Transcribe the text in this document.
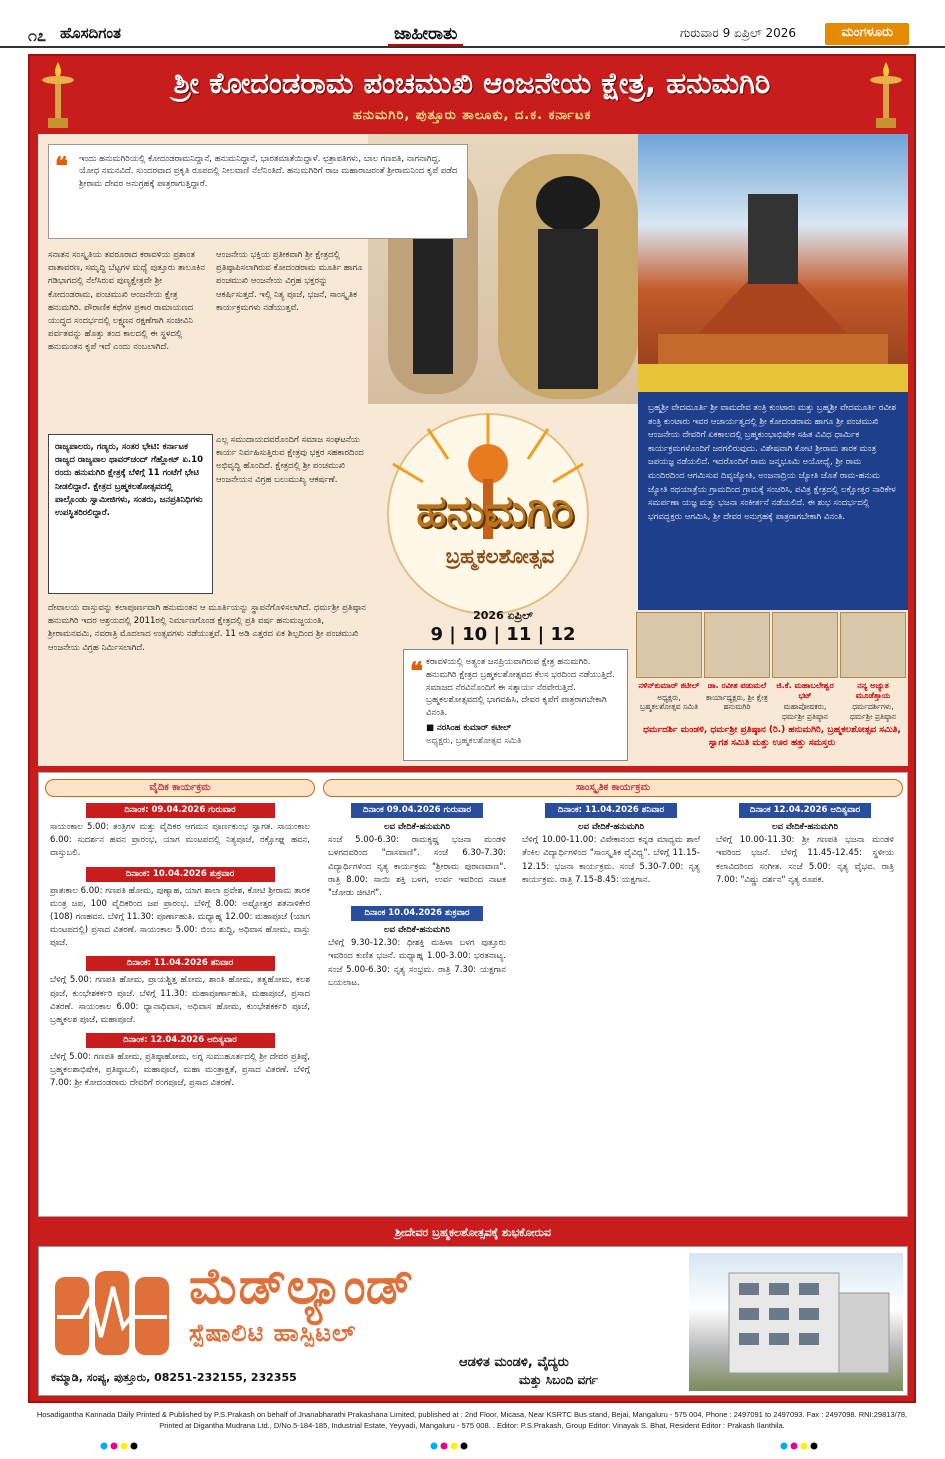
೧೭ ಹೊಸದಿಗಂತ	ಜಾಹೀರಾತು	ಗುರುವಾರ 9 ಏಪ್ರಿಲ್ 2026	ಮಂಗಳೂರು
ಶ್ರೀ ಕೋದಂಡರಾಮ ಪಂಚಮುಖಿ ಆಂಜನೇಯ ಕ್ಷೇತ್ರ, ಹನುಮಗಿರಿ
ಹನುಮಗಿರಿ, ಪುತ್ತೂರು ತಾಲೂಕು, ದ.ಕ. ಕರ್ನಾಟಕ
❝ ಇಂದು ಹನುಮಗಿರಿಯಲ್ಲಿ ಕೋದಂಡರಾಮನಿದ್ದಾನೆ, ಹನುಮನಿದ್ದಾನೆ, ಭಾರತಮಾತೆಯಿದ್ದಾಳೆ. ಛತ್ರಾಪತಿಗಳು, ಬಾಲ ಗಣಪತಿ, ನಾಗನಾಗಿದ್ದ, ಯೋಧ ನಮನವಿದೆ. ಸುಂದರವಾದ ಪ್ರಕೃತಿ ರೂಪದಲ್ಲಿ ನೀಲವಾಣಿ ನೆಲೆನಿಂತಿದೆ. ಹನುಮಗಿರಿಗೆ ರಾಜ ಮಹಾರಾಜರಂತೆ ಶ್ರೀರಾಮನಿಂದ ಕೃಪೆ ಪಡೆದ ಶ್ರೀರಾಮ ದೇವರ ಅನುಗ್ರಹಕ್ಕೆ ಪಾತ್ರರಾಗುತ್ತಿದ್ದಾರೆ.

ಸನಾತನ ಸಂಸ್ಕೃತಿಯ ತವರೂರಾದ ಕರಾವಳಿಯ ಪ್ರಶಾಂತ ವಾತಾವರಣ, ಸಮೃದ್ಧಿ ಬೆಟ್ಟಗಳ ಮಧ್ಯೆ ಪುತ್ತೂರು ತಾಲೂಕಿನ ಗಡಿಭಾಗದಲ್ಲಿ ನೆಲೆಸಿರುವ ಪುಣ್ಯಕ್ಷೇತ್ರವೇ ಶ್ರೀ ಕೋದಂಡರಾಮ, ಪಂಚಮುಖಿ ಆಂಜನೇಯ ಕ್ಷೇತ್ರ ಹನುಮಗಿರಿ. ಪೌರಾಣಿಕ ಕಥೆಗಳ ಪ್ರಕಾರ ರಾಮಾಯಣದ ಯುದ್ಧದ ಸಂದರ್ಭದಲ್ಲಿ ಲಕ್ಷ್ಮಣನ ರಕ್ಷಣೆಗಾಗಿ ಸಂಜೀವಿನಿ ಪರ್ವತವನ್ನು ಹೊತ್ತು ತಂದ ಕಾಲದಲ್ಲಿ ಈ ಸ್ಥಳದಲ್ಲಿ ಹನುಮಂತನ ಕೃಪೆ ಇದೆ ಎಂದು ನಂಬಲಾಗಿದೆ.

ಆಂಜನೇಯ ಭಕ್ತಿಯ ಪ್ರತೀಕವಾಗಿ ಶ್ರೀ ಕ್ಷೇತ್ರದಲ್ಲಿ ಪ್ರತಿಷ್ಠಾಪಿಸಲಾಗಿರುವ ಕೋದಂಡರಾಮ ಮೂರ್ತಿ ಹಾಗೂ ಪಂಚಮುಖಿ ಆಂಜನೇಯ ವಿಗ್ರಹ ಭಕ್ತರನ್ನು ಆಕರ್ಷಿಸುತ್ತದೆ. ಇಲ್ಲಿ ನಿತ್ಯ ಪೂಜೆ, ಭಜನೆ, ಸಾಂಸ್ಕೃತಿಕ ಕಾರ್ಯಕ್ರಮಗಳು ನಡೆಯುತ್ತವೆ.

ರಾಜ್ಯಪಾಲರು, ಗಣ್ಯರು, ಸಂತರ ಭೇಟಿ: ಕರ್ನಾಟಕ ರಾಜ್ಯದ ರಾಜ್ಯಪಾಲ ಥಾವರ್‌ಚಂದ್ ಗೆಹ್ಲೋಟ್ ಏ.10 ರಂದು ಹನುಮಗಿರಿ ಕ್ಷೇತ್ರಕ್ಕೆ ಬೆಳಿಗ್ಗೆ 11 ಗಂಟೆಗೆ ಭೇಟಿ ನೀಡಲಿದ್ದಾರೆ. ಕ್ಷೇತ್ರದ ಬ್ರಹ್ಮಕಲಶೋತ್ಸವದಲ್ಲಿ ಪಾಲ್ಗೊಂಡು ಸ್ವಾಮೀಜಿಗಳು, ಸಂತರು, ಜನಪ್ರತಿನಿಧಿಗಳು ಉಪಸ್ಥಿತರಿರಲಿದ್ದಾರೆ.

ಎಲ್ಲ ಸಮುದಾಯದವರೊಂದಿಗೆ ಸಮಾಜ ಸಂಘಟನೆಯ ಕಾರ್ಯ ನಿರ್ವಹಿಸುತ್ತಿರುವ ಕ್ಷೇತ್ರವು ಭಕ್ತರ ಸಹಕಾರದಿಂದ ಅಭಿವೃದ್ಧಿ ಹೊಂದಿದೆ. ಕ್ಷೇತ್ರದಲ್ಲಿ ಶ್ರೀ ಪಂಚಮುಖಿ ಆಂಜನೇಯನ ವಿಗ್ರಹ ಬಲುಮುಖ್ಯ ಆಕರ್ಷಣೆ.

ದೇವಾಲಯ ವಾಸ್ತುವನ್ನು ಕಲಾಪೂರ್ಣವಾಗಿ ಹನುಮಂತನ ಆ ಮೂರ್ತಿಯನ್ನು ಸ್ಥಾಪನೆಗೊಳಿಸಲಾಗಿದೆ. ಧರ್ಮಶ್ರೀ ಪ್ರತಿಷ್ಠಾನ ಹನುಮಗಿರಿ ಇದರ ಆಶ್ರಯದಲ್ಲಿ 2011ರಲ್ಲಿ ನಿರ್ಮಾಣಗೊಂಡ ಕ್ಷೇತ್ರದಲ್ಲಿ ಪ್ರತಿ ವರ್ಷ ಹನುಮಜ್ಜಯಂತಿ, ಶ್ರೀರಾಮನವಮಿ, ನವರಾತ್ರಿ ಮೊದಲಾದ ಉತ್ಸವಗಳು ನಡೆಯುತ್ತವೆ. 11 ಅಡಿ ಎತ್ತರದ ಏಕ ಶಿಲ್ಪದಿಂದ ಶ್ರೀ ಪಂಚಮುಖಿ ಆಂಜನೇಯ ವಿಗ್ರಹ ನಿರ್ಮಿಸಲಾಗಿದೆ.

ಬ್ರಹ್ಮಶ್ರೀ ವೇದಮೂರ್ತಿ ಶ್ರೀ ವಾಮದೇವ ತಂತ್ರಿ ಕುಂಟಾರು ಮತ್ತು ಬ್ರಹ್ಮಶ್ರೀ ವೇದಮೂರ್ತಿ ರವೀಶ ತಂತ್ರಿ ಕುಂಟಾರು ಇವರ ಆಚಾರ್ಯತ್ವದಲ್ಲಿ ಶ್ರೀ ಕೋದಂಡರಾಮ ಹಾಗೂ ಶ್ರೀ ಪಂಚಮುಖಿ ಆಂಜನೇಯ ದೇವರಿಗೆ ಏಕಕಾಲದಲ್ಲಿ ಬ್ರಹ್ಮಕುಂಭಾಭಿಷೇಕ ಸಹಿತ ವಿವಿಧ ಧಾರ್ಮಿಕ ಕಾರ್ಯಕ್ರಮಗಳೊಂದಿಗೆ ಜರಗಲಿರುವುದು. ವಿಶೇಷವಾಗಿ ಕೋಟಿ ಶ್ರೀರಾಮ ತಾರಕ ಮಂತ್ರ ಜಪಯಜ್ಞ ನಡೆಯಲಿದೆ. ಇದರೊಂದಿಗೆ ರಾಮ ಜನ್ಮಭೂಮಿ ಅಯೋಧ್ಯೆ, ಶ್ರೀ ರಾಮ ಮಂದಿರದಿಂದ ಆಗಮಿಸುವ ದಿವ್ಯಜ್ಯೋತಿ, ಅಂಜನಾದ್ರಿಯ ಜ್ಯೋತಿ ಜೊತೆ ರಾಮ-ಹನುಮ ಜ್ಯೋತಿ ರಥಯಾತ್ರೆಯ ಗ್ರಾಮದಿಂದ ಗ್ರಾಮಕ್ಕೆ ಸಂಚರಿಸಿ, ಪವಿತ್ರ ಕ್ಷೇತ್ರದಲ್ಲಿ ಲಕ್ಷೋತ್ತರ ನಾರಿಕೇಳ ಸಮರ್ಪಣಾ ಯಜ್ಞ ಮತ್ತು ಭಜನಾ ಸಂಕೀರ್ತನೆ ನಡೆಯಲಿದೆ. ಈ ಶುಭ ಸಂದರ್ಭದಲ್ಲಿ ಭಗವದ್ಭಕ್ತರು ಆಗಮಿಸಿ, ಶ್ರೀ ದೇವರ ಅನುಗ್ರಹಕ್ಕೆ ಪಾತ್ರರಾಗಬೇಕಾಗಿ ವಿನಂತಿ.

ಹನುಮಗಿರಿ
ಬ್ರಹ್ಮಕಲಶೋತ್ಸವ
2026 ಏಪ್ರಿಲ್
9 | 10 | 11 | 12
❝ ಕರಾವಳಿಯಲ್ಲಿ ಅತ್ಯಂತ ಜನಪ್ರಿಯವಾಗಿರುವ ಕ್ಷೇತ್ರ ಹನುಮಗಿರಿ. ಹನುಮಗಿರಿ ಕ್ಷೇತ್ರದ ಬ್ರಹ್ಮಕಲಶೋತ್ಸವದ ಕೆಲಸ ಭರದಿಂದ ನಡೆಯುತ್ತಿದೆ. ಸಮಾಜದ ನೆರವಿನೊಂದಿಗೆ ಈ ಸತ್ಕಾರ್ಯ ನೆರವೇರುತ್ತಿದೆ. ಬ್ರಹ್ಮಕಲಶೋತ್ಸವದಲ್ಲಿ ಭಾಗವಹಿಸಿ, ದೇವರ ಕೃಪೆಗೆ ಪಾತ್ರರಾಗಬೇಕಾಗಿ ವಿನಂತಿ.

■ ನರಸಿಂಹ ಕುಮಾರ್ ಕಟೀಲ್

ಅಧ್ಯಕ್ಷರು, ಬ್ರಹ್ಮಕಲಶೋತ್ಸವ ಸಮಿತಿ

ನಳಿನ್‌ಕುಮಾರ್ ಕಟೀಲ್
ಅಧ್ಯಕ್ಷರು, ಬ್ರಹ್ಮಕಲಶೋತ್ಸವ ಸಮಿತಿ
ಡಾ. ರವೀಶ ಪಡುಮಲೆ
ಕಾರ್ಯಾಧ್ಯಕ್ಷರು, ಶ್ರೀ ಕ್ಷೇತ್ರ ಹನುಮಗಿರಿ
ಜಿ.ಕೆ. ಮಹಾಬಲೇಶ್ವರ ಭಟ್
ಮಹಾಪೋಷಕರು, ಧರ್ಮಶ್ರೀ ಪ್ರತಿಷ್ಠಾನ
ನನ್ಯ ಅಚ್ಯುತ ಮೂಡೆತ್ತಾಯ
ಧರ್ಮದರ್ಶಿಗಳು, ಧರ್ಮಶ್ರೀ ಪ್ರತಿಷ್ಠಾನ
ಧರ್ಮದರ್ಶಿ ಮಂಡಳಿ, ಧರ್ಮಶ್ರೀ ಪ್ರತಿಷ್ಠಾನ (ರಿ.) ಹನುಮಗಿರಿ, ಬ್ರಹ್ಮಕಲಶೋತ್ಸವ ಸಮಿತಿ, ಸ್ವಾಗತ ಸಮಿತಿ ಮತ್ತು ಊರ ಹತ್ತು ಸಮಸ್ತರು
ವೈದಿಕ ಕಾರ್ಯಕ್ರಮ
ದಿನಾಂಕ: 09.04.2026 ಗುರುವಾರ

ಸಾಯಂಕಾಲ 5.00: ತಂತ್ರಿಗಳ ಮತ್ತು ವೈದಿಕರ ಆಗಮನ ಪೂರ್ಣಕುಂಭ ಸ್ವಾಗತ. ಸಾಯಂಕಾಲ 6.00: ಸುದರ್ಶನ ಹವನ ಪ್ರಾರಂಭ, ಯಾಗ ಮಂಟಪದಲ್ಲಿ ನಿತ್ಯಪೂಜೆ, ರಕ್ಷೋಘ್ನ ಹವನ, ವಾಸ್ತುಬಲಿ.

ದಿನಾಂಕ: 10.04.2026 ಶುಕ್ರವಾರ

ಪ್ರಾತಃಕಾಲ 6.00: ಗಣಪತಿ ಹೋಮ, ಪುಣ್ಯಾಹ, ಯಾಗ ಶಾಲಾ ಪ್ರವೇಶ, ಕೋಟಿ ಶ್ರೀರಾಮ ತಾರಕ ಮಂತ್ರ ಜಪ, 100 ವೈದಿಕರಿಂದ ಜಪ ಪ್ರಾರಂಭ. ಬೆಳಿಗ್ಗೆ 8.00: ಅಷ್ಟೋತ್ತರ ಶತನಾಳಿಕೇರ (108) ಗಣಹವನ. ಬೆಳಿಗ್ಗೆ 11.30: ಪೂರ್ಣಾಹುತಿ. ಮಧ್ಯಾಹ್ನ 12.00: ಮಹಾಪೂಜೆ (ಯಾಗ ಮಂಟಪದಲ್ಲಿ) ಪ್ರಸಾದ ವಿತರಣೆ. ಸಾಯಂಕಾಲ 5.00: ಬಿಂಬ ಶುದ್ಧಿ, ಅಧಿವಾಸ ಹೋಮ, ವಾಸ್ತು ಪೂಜೆ.

ದಿನಾಂಕ: 11.04.2026 ಶನಿವಾರ

ಬೆಳಿಗ್ಗೆ 5.00: ಗಣಪತಿ ಹೋಮ, ಪ್ರಾಯಶ್ಚಿತ್ತ ಹೋಮ, ಶಾಂತಿ ಹೋಮ, ತತ್ವಹೋಮ, ಕಲಶ ಪೂಜೆ, ಕುಂಭೇಶಕರ್ಕರಿ ಪೂಜೆ. ಬೆಳಿಗ್ಗೆ 11.30: ಮಹಾಪೂರ್ಣಾಹುತಿ, ಮಹಾಪೂಜೆ, ಪ್ರಸಾದ ವಿತರಣೆ. ಸಾಯಂಕಾಲ 6.00: ಧ್ಯಾನಾಧಿವಾಸ, ಅಧಿವಾಸ ಹೋಮ, ಕುಂಭೇಶಕರ್ಕರಿ ಪೂಜೆ, ಬ್ರಹ್ಮಕಲಶ ಪೂಜೆ, ಮಹಾಪೂಜೆ.

ದಿನಾಂಕ: 12.04.2026 ಆದಿತ್ಯವಾರ

ಬೆಳಿಗ್ಗೆ 5.00: ಗಣಪತಿ ಹೋಮ, ಪ್ರತಿಷ್ಠಾಹೋಮ, ಲಗ್ನ ಸುಮುಹೂರ್ತದಲ್ಲಿ ಶ್ರೀ ದೇವರ ಪ್ರತಿಷ್ಠೆ, ಬ್ರಹ್ಮಕಲಶಾಭಿಷೇಕ, ಪ್ರತಿಷ್ಠಾಬಲಿ, ಮಹಾಪೂಜೆ, ಮಹಾ ಮಂತ್ರಾಕ್ಷತೆ, ಪ್ರಸಾದ ವಿತರಣೆ. ಬೆಳಿಗ್ಗೆ 7.00: ಶ್ರೀ ಕೋದಂಡರಾಮ ದೇವರಿಗೆ ರಂಗಪೂಜೆ, ಪ್ರಸಾದ ವಿತರಣೆ.

ಸಾಂಸ್ಕೃತಿಕ ಕಾರ್ಯಕ್ರಮ
ದಿನಾಂಕ 09.04.2026 ಗುರುವಾರ

ಲವ ವೇದಿಕೆ-ಹನುಮಗಿರಿ

ಸಂಜೆ 5.00-6.30: ರಾಮಕೃಷ್ಣ ಭಜನಾ ಮಂಡಳಿ ಬಳಗದವರಿಂದ "ದಾಸವಾಣಿ". ಸಂಜೆ 6.30-7.30: ವಿದ್ಯಾರ್ಥಿಗಳಿಂದ ನೃತ್ಯ ಕಾರ್ಯಕ್ರಮ "ಶ್ರೀರಾಮ ಪುರಾಣವಾಣ". ರಾತ್ರಿ 8.00: ಸಾಯಿ ಶಕ್ತಿ ಬಳಗ, ಉರ್ವ ಇವರಿಂದ ನಾಟಕ "ಜೋಡು ಜೀಟಿಗೆ".

ದಿನಾಂಕ 10.04.2026 ಶುಕ್ರವಾರ

ಲವ ವೇದಿಕೆ-ಹನುಮಗಿರಿ

ಬೆಳಿಗ್ಗೆ 9.30-12.30: ಧೀಶಕ್ತಿ ಮಹಿಳಾ ಬಳಗ ಪುತ್ತೂರು ಇವರಿಂದ ಕುಣಿತ ಭಜನೆ. ಮಧ್ಯಾಹ್ನ 1.00-3.00: ಭರತನಾಟ್ಯ. ಸಂಜೆ 5.00-6.30: ನೃತ್ಯ ಸಂಭ್ರಮ. ರಾತ್ರಿ 7.30: ಯಕ್ಷಗಾನ ಬಯಲಾಟ.

ದಿನಾಂಕ: 11.04.2026 ಶನಿವಾರ

ಲವ ವೇದಿಕೆ-ಹನುಮಗಿರಿ

ಬೆಳಿಗ್ಗೆ 10.00-11.00: ವಿವೇಕಾನಂದ ಕನ್ನಡ ಮಾಧ್ಯಮ ಶಾಲೆ ತೆಂಕಿಲ ವಿದ್ಯಾರ್ಥಿಗಳಿಂದ "ಸಾಂಸ್ಕೃತಿಕ ವೈವಿಧ್ಯ". ಬೆಳಿಗ್ಗೆ 11.15-12.15: ಭಜನಾ ಕಾರ್ಯಕ್ರಮ. ಸಂಜೆ 5.30-7.00: ನೃತ್ಯ ಕಾರ್ಯಕ್ರಮ. ರಾತ್ರಿ 7.15-8.45: ಯಕ್ಷಗಾನ.

ದಿನಾಂಕ 12.04.2026 ಆದಿತ್ಯವಾರ

ಲವ ವೇದಿಕೆ-ಹನುಮಗಿರಿ

ಬೆಳಿಗ್ಗೆ 10.00-11.30: ಶ್ರೀ ಗಣಪತಿ ಭಜನಾ ಮಂಡಳಿ ಇವರಿಂದ ಭಜನೆ. ಬೆಳಿಗ್ಗೆ 11.45-12.45: ಸ್ಥಳೀಯ ಕಲಾವಿದರಿಂದ ಸಂಗೀತ. ಸಂಜೆ 5.00: ನೃತ್ಯ ವೈಭವ. ರಾತ್ರಿ 7.00: "ವಿಷ್ಣು ದರ್ಶನ" ನೃತ್ಯ ರೂಪಕ.

ಶ್ರೀದೇವರ ಬ್ರಹ್ಮಕಲಶೋತ್ಸವಕ್ಕೆ ಶುಭಕೋರುವ
ಮೆಡ್‌ಲ್ಯಾಂಡ್
ಸ್ಪೆಷಾಲಿಟಿ ಹಾಸ್ಪಿಟಲ್
ಕಮ್ಮಾಡಿ, ಸಂಪ್ಯ, ಪುತ್ತೂರು, 08251-232155, 232355
ಆಡಳಿತ ಮಂಡಳಿ, ವೈದ್ಯರು
ಮತ್ತು ಸಿಬಂದಿ ವರ್ಗ

Hosadigantha Kannada Daily Printed & Published by P.S.Prakash on behalf of Jnanabharathi Prakashana Limited, published at : 2nd Floor, Micasa, Near KSRTC Bus stand, Bejai, Mangaluru - 575 004, Phone : 2497091 to 2497093. Fax : 2497098. RNI:29813/78, Printed at Digantha Mudrana Ltd., D/No.5-184-185, Industrial Estate, Yeyyadi, Mangaluru - 575 008. . Editor: P.S.Prakash, Group Editor: Vinayak S. Bhat, Resident Editor : Prakash Ilanthila.
